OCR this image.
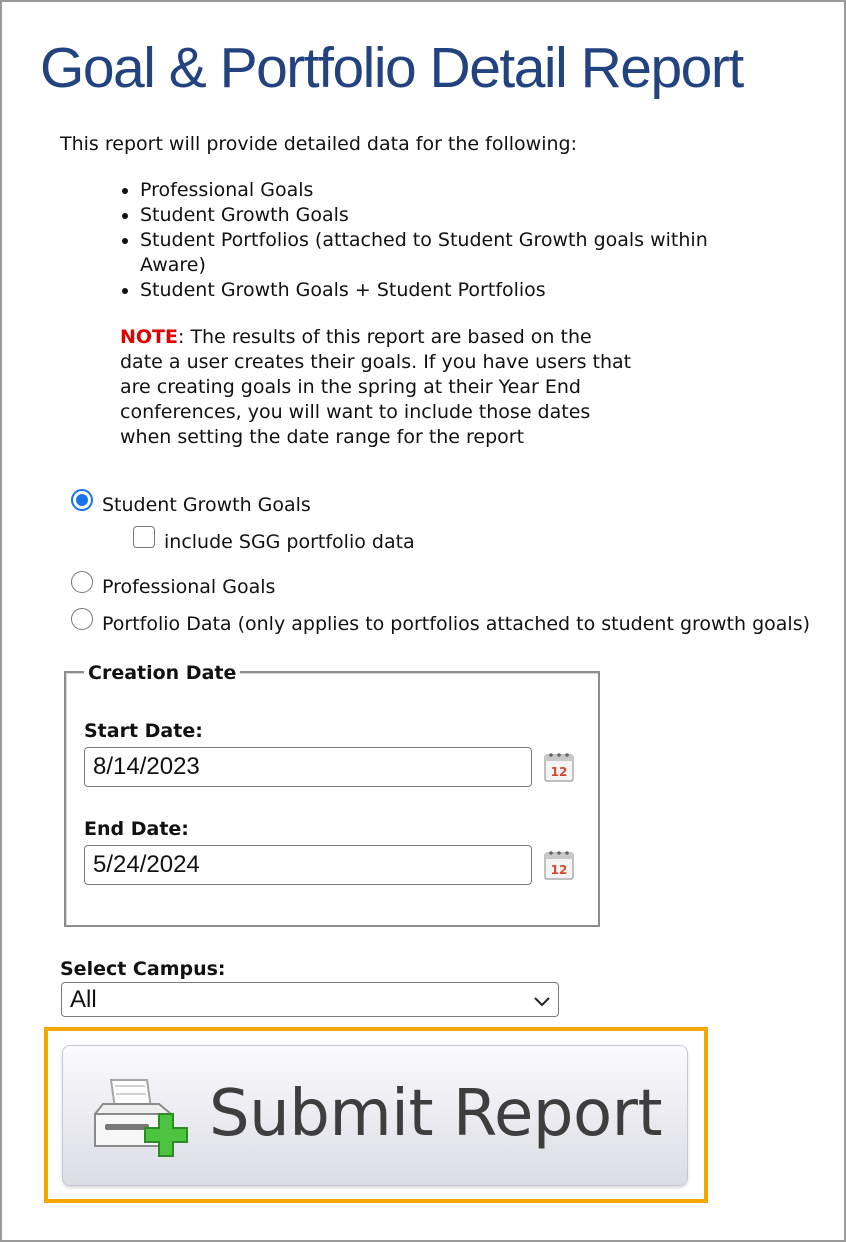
Goal & Portfolio Detail Report
This report will provide detailed data for the following:
• Professional Goals
• Student Growth Goals
• Student Portfolios (attached to Student Growth goals within Aware)
• Student Growth Goals + Student Portfolios
NOTE: The results of this report are based on the date a user creates their goals. If you have users that are creating goals in the spring at their Year End conferences, you will want to include those dates when setting the date range for the report
Student Growth Goals
include SGG portfolio data
Professional Goals
Portfolio Data (only applies to portfolios attached to student growth goals)
Creation Date
Start Date:
8/14/2023	12
End Date:
5/24/2024	12
Select Campus:
All
Submit Report
